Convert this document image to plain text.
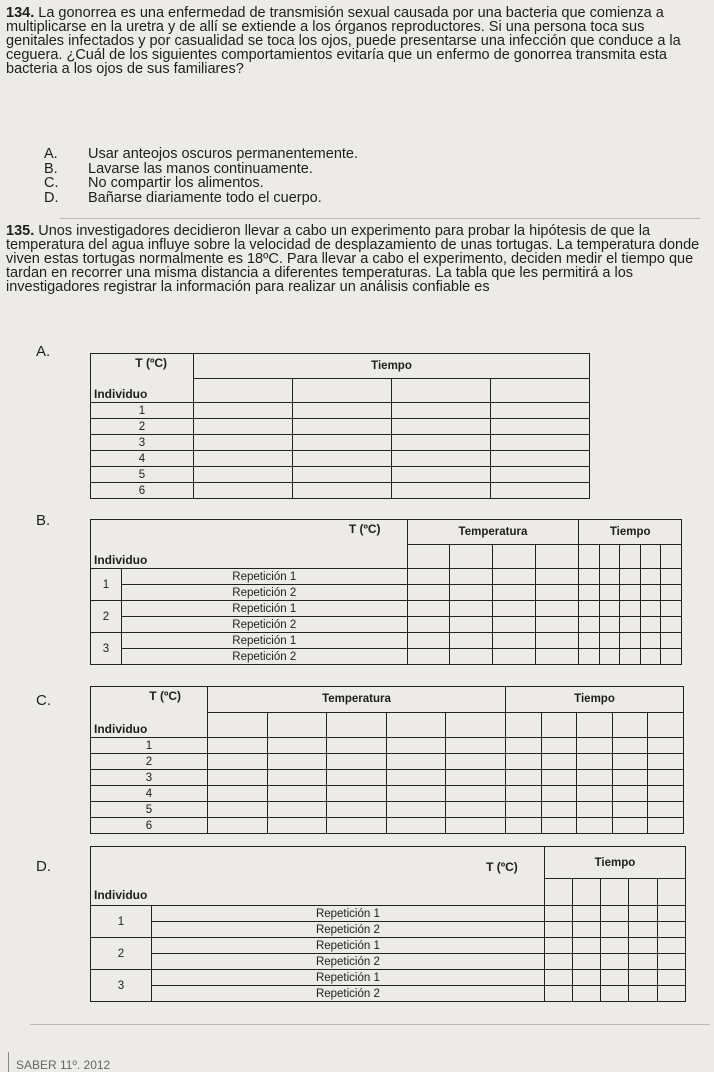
134. La gonorrea es una enfermedad de transmisión sexual causada por una bacteria que comienza a multiplicarse en la uretra y de allí se extiende a los órganos reproductores. Si una persona toca sus genitales infectados y por casualidad se toca los ojos, puede presentarse una infección que conduce a la ceguera. ¿Cuál de los siguientes comportamientos evitaría que un enfermo de gonorrea transmita esta bacteria a los ojos de sus familiares?

A.	Usar anteojos oscuros permanentemente.
B.	Lavarse las manos continuamente.
C.	No compartir los alimentos.
D.	Bañarse diariamente todo el cuerpo.

135. Unos investigadores decidieron llevar a cabo un experimento para probar la hipótesis de que la temperatura del agua influye sobre la velocidad de desplazamiento de unas tortugas. La temperatura donde viven estas tortugas normalmente es 18ºC. Para llevar a cabo el experimento, deciden medir el tiempo que tardan en recorrer una misma distancia a diferentes temperaturas. La tabla que les permitirá a los investigadores registrar la información para realizar un análisis confiable es

A.
T (ºC)
Individuo	Tiempo			

1				
2				
3				
4				
5				
6				
B.	T (ºC)
Individuo		Temperatura				Tiempo				

1	Repetición 1									
	Repetición 2									
2	Repetición 1									
	Repetición 2									
3	Repetición 1									
	Repetición 2									
C.	T (ºC)
Individuo	Temperatura					Tiempo				

1										
2										
3										
4										
5										
6										
D.	T (ºC)
Individuo		Tiempo				

1	Repetición 1					
	Repetición 2					
2	Repetición 1					
	Repetición 2					
3	Repetición 1					
	Repetición 2					
SABER 11º. 2012
